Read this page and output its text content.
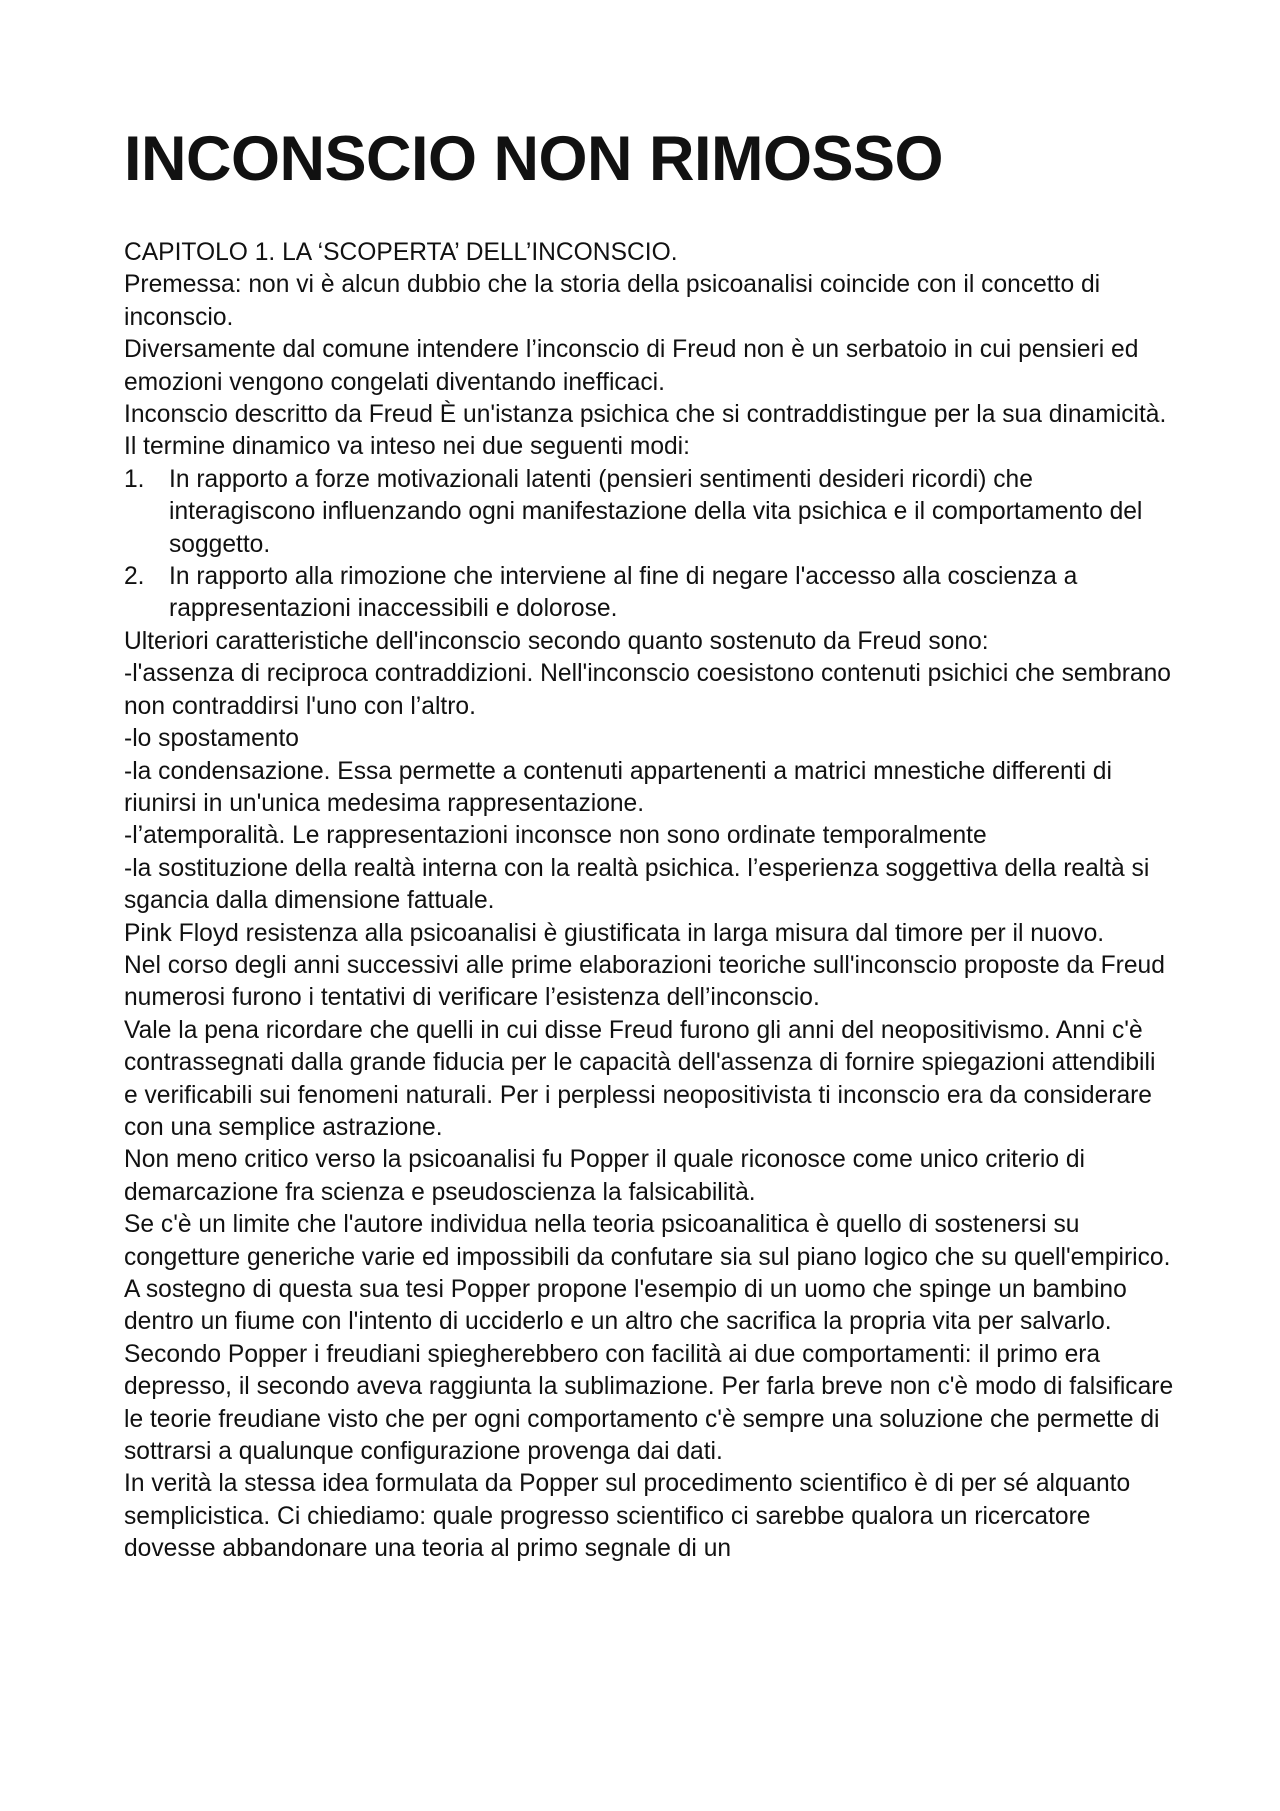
INCONSCIO NON RIMOSSO

CAPITOLO 1. LA ‘SCOPERTA’ DELL’INCONSCIO.

Premessa: non vi è alcun dubbio che la storia della psicoanalisi coincide con il concetto di inconscio.

Diversamente dal comune intendere l’inconscio di Freud non è un serbatoio in cui pensieri ed emozioni vengono congelati diventando inefficaci.

Inconscio descritto da Freud È un'istanza psichica che si contraddistingue per la sua dinamicità. Il termine dinamico va inteso nei due seguenti modi:

1. In rapporto a forze motivazionali latenti (pensieri sentimenti desideri ricordi) che interagiscono influenzando ogni manifestazione della vita psichica e il comportamento del soggetto.
2. In rapporto alla rimozione che interviene al fine di negare l'accesso alla coscienza a rappresentazioni inaccessibili e dolorose.

Ulteriori caratteristiche dell'inconscio secondo quanto sostenuto da Freud sono:

-l'assenza di reciproca contraddizioni. Nell'inconscio coesistono contenuti psichici che sembrano non contraddirsi l'uno con l’altro.

-lo spostamento

-la condensazione. Essa permette a contenuti appartenenti a matrici mnestiche differenti di riunirsi in un'unica medesima rappresentazione.

-l’atemporalità. Le rappresentazioni inconsce non sono ordinate temporalmente

-la sostituzione della realtà interna con la realtà psichica. l’esperienza soggettiva della realtà si sgancia dalla dimensione fattuale.

Pink Floyd resistenza alla psicoanalisi è giustificata in larga misura dal timore per il nuovo.

Nel corso degli anni successivi alle prime elaborazioni teoriche sull'inconscio proposte da Freud numerosi furono i tentativi di verificare l’esistenza dell’inconscio.

Vale la pena ricordare che quelli in cui disse Freud furono gli anni del neopositivismo. Anni c'è contrassegnati dalla grande fiducia per le capacità dell'assenza di fornire spiegazioni attendibili e verificabili sui fenomeni naturali. Per i perplessi neopositivista ti inconscio era da considerare con una semplice astrazione.

Non meno critico verso la psicoanalisi fu Popper il quale riconosce come unico criterio di demarcazione fra scienza e pseudoscienza la falsicabilità.

Se c'è un limite che l'autore individua nella teoria psicoanalitica è quello di sostenersi su congetture generiche varie ed impossibili da confutare sia sul piano logico che su quell'empirico. A sostegno di questa sua tesi Popper propone l'esempio di un uomo che spinge un bambino dentro un fiume con l'intento di ucciderlo e un altro che sacrifica la propria vita per salvarlo. Secondo Popper i freudiani spiegherebbero con facilità ai due comportamenti: il primo era depresso, il secondo aveva raggiunta la sublimazione. Per farla breve non c'è modo di falsificare le teorie freudiane visto che per ogni comportamento c'è sempre una soluzione che permette di sottrarsi a qualunque configurazione provenga dai dati.

In verità la stessa idea formulata da Popper sul procedimento scientifico è di per sé alquanto semplicistica. Ci chiediamo: quale progresso scientifico ci sarebbe qualora un ricercatore dovesse abbandonare una teoria al primo segnale di un
